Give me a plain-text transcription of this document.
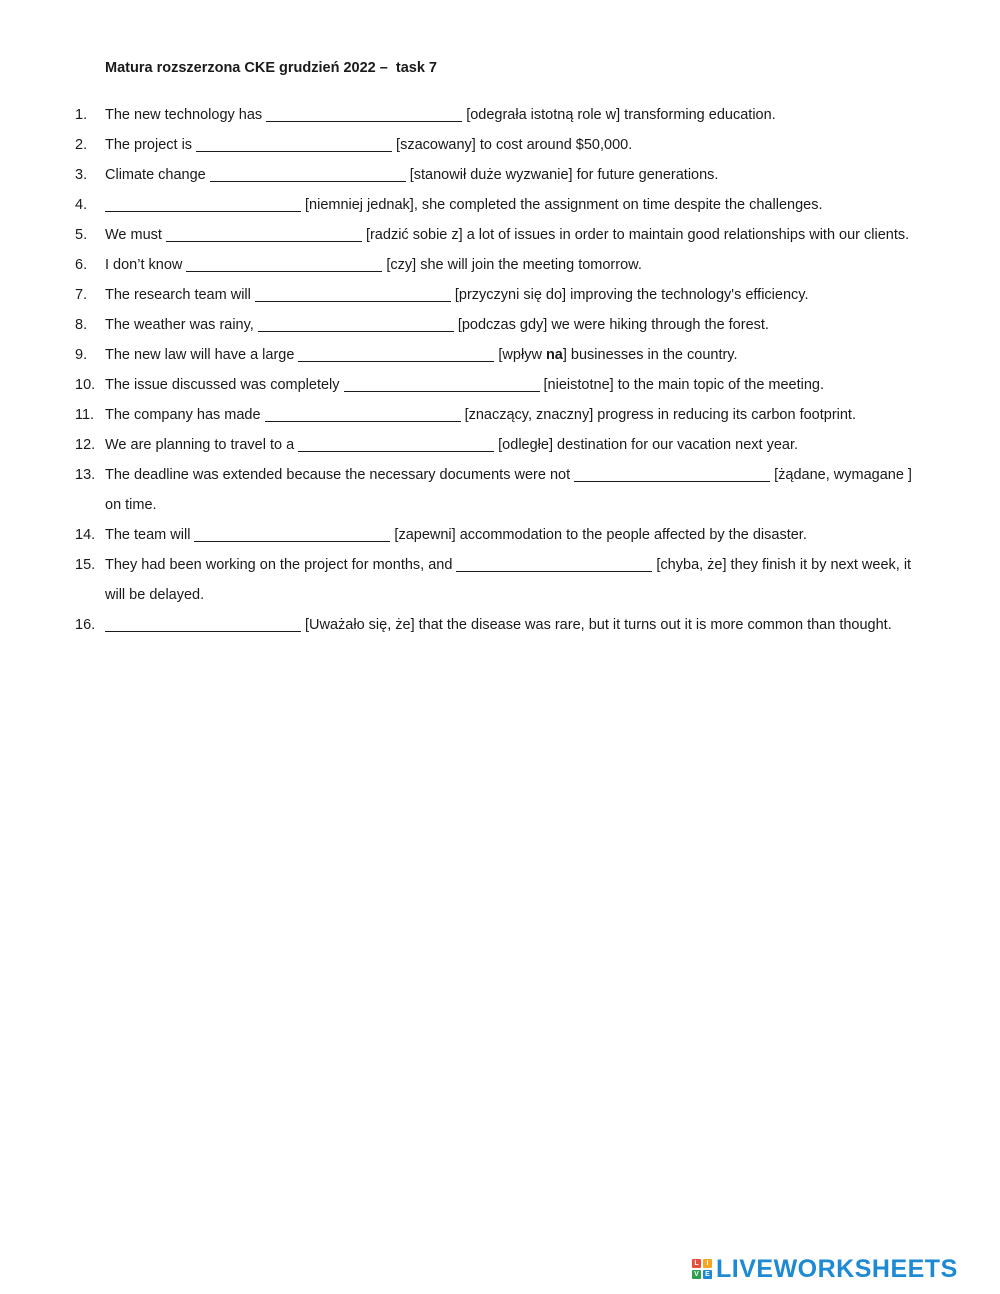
Matura rozszerzona CKE grudzień 2022 –  task 7
1. The new technology has	[odegrała istotną role w] transforming education.
2. The project is	[szacowany] to cost around $50,000.
3. Climate change	[stanowił duże wyzwanie] for future generations.
4.	[niemniej jednak], she completed the assignment on time despite the challenges.
5. We must	[radzić sobie z] a lot of issues in order to maintain good relationships with our clients.
6. I don’t know	[czy] she will join the meeting tomorrow.
7. The research team will	[przyczyni się do] improving the technology's efficiency.
8. The weather was rainy,	[podczas gdy] we were hiking through the forest.
9. The new law will have a large	[wpływ na] businesses in the country.
10. The issue discussed was completely	[nieistotne] to the main topic of the meeting.
11. The company has made	[znaczący, znaczny] progress in reducing its carbon footprint.
12. We are planning to travel to a	[odległe] destination for our vacation next year.
13. The deadline was extended because the necessary documents were not	[żądane, wymagane ]
on time.
14. The team will	[zapewni] accommodation to the people affected by the disaster.
15. They had been working on the project for months, and	[chyba, że] they finish it by next week, it
will be delayed.
16.	[Uważało się, że] that the disease was rare, but it turns out it is more common than thought.
L	I
V E LIVEWORKSHEETS
